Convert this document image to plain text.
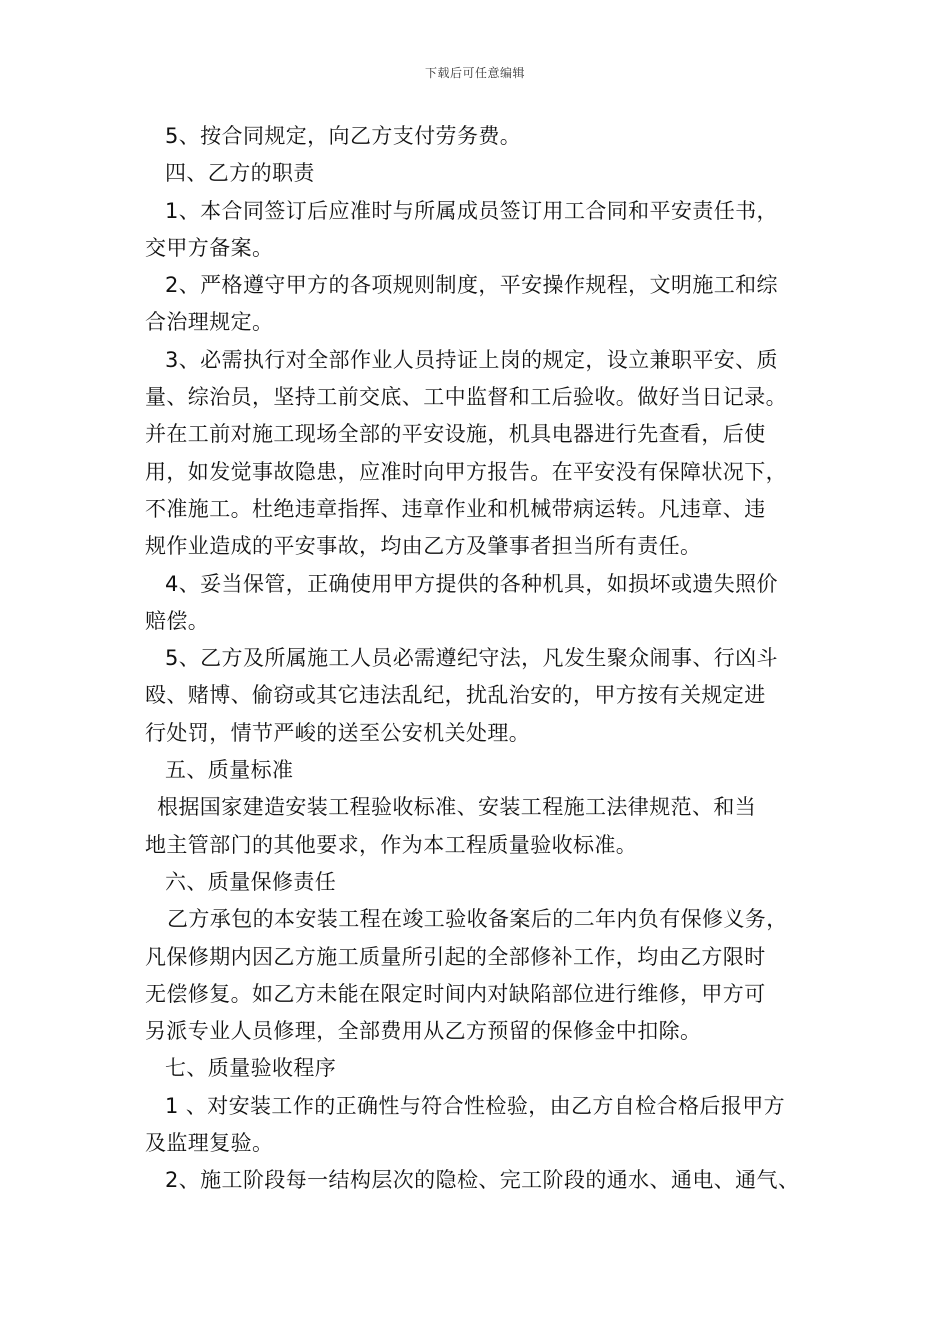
下载后可任意编辑
5、按合同规定，向乙方支付劳务费。
四、乙方的职责
1、本合同签订后应准时与所属成员签订用工合同和平安责任书，
交甲方备案。
2、严格遵守甲方的各项规则制度，平安操作规程，文明施工和综
合治理规定。
3、必需执行对全部作业人员持证上岗的规定，设立兼职平安、质
量、综治员，坚持工前交底、工中监督和工后验收。做好当日记录。
并在工前对施工现场全部的平安设施，机具电器进行先查看，后使
用，如发觉事故隐患，应准时向甲方报告。在平安没有保障状况下，
不准施工。杜绝违章指挥、违章作业和机械带病运转。凡违章、违
规作业造成的平安事故，均由乙方及肇事者担当所有责任。
4、妥当保管，正确使用甲方提供的各种机具，如损坏或遗失照价
赔偿。
5、乙方及所属施工人员必需遵纪守法，凡发生聚众闹事、行凶斗
殴、赌博、偷窃或其它违法乱纪，扰乱治安的，甲方按有关规定进
行处罚，情节严峻的送至公安机关处理。
五、质量标准
根据国家建造安装工程验收标准、安装工程施工法律规范、和当
地主管部门的其他要求，作为本工程质量验收标准。
六、质量保修责任
乙方承包的本安装工程在竣工验收备案后的二年内负有保修义务，
凡保修期内因乙方施工质量所引起的全部修补工作，均由乙方限时
无偿修复。如乙方未能在限定时间内对缺陷部位进行维修，甲方可
另派专业人员修理，全部费用从乙方预留的保修金中扣除。
七、质量验收程序
1 、对安装工作的正确性与符合性检验，由乙方自检合格后报甲方
及监理复验。
2、施工阶段每一结构层次的隐检、完工阶段的通水、通电、通气、
